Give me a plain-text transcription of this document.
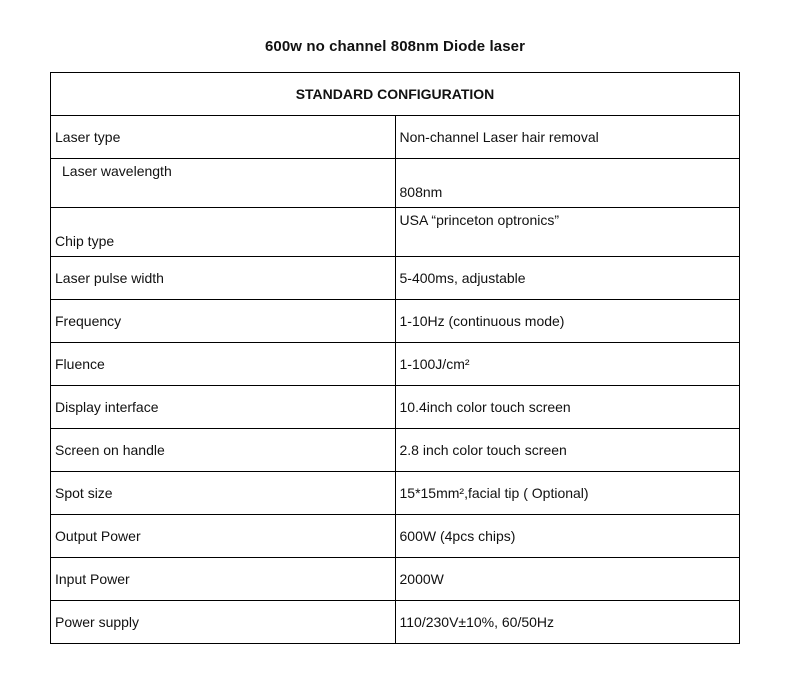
600w no channel 808nm Diode laser
STANDARD CONFIGURATION	
Laser type	Non-channel Laser hair removal
Laser wavelength	808nm
Chip type	USA “princeton optronics”
Laser pulse width	5-400ms, adjustable
Frequency	1-10Hz (continuous mode)
Fluence	1-100J/cm²
Display interface	10.4inch color touch screen
Screen on handle	2.8 inch color touch screen
Spot size	15*15mm²,facial tip ( Optional)
Output Power	600W (4pcs chips)
Input Power	2000W
Power supply	110/230V±10%, 60/50Hz
